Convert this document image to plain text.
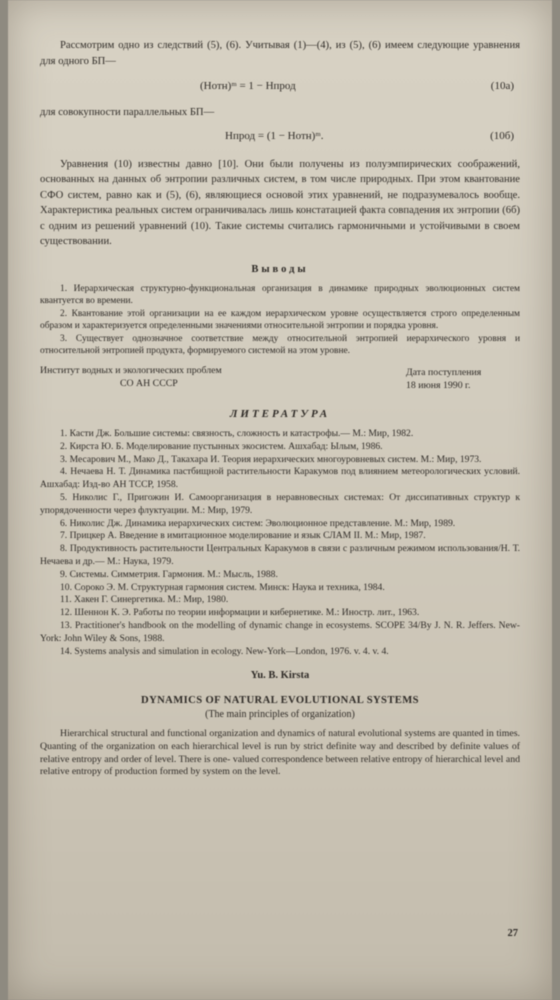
Рассмотрим одно из следствий (5), (6). Учитывая (1)—(4), из (5), (6) имеем следующие уравнения для одного БП—

(Hотн)ᵐ = 1 − Hпрод	(10а)

для совокупности параллельных БП—

Hпрод = (1 − Hотн)ᵐ.	(10б)

Уравнения (10) известны давно [10]. Они были получены из полуэмпирических соображений, основанных на данных об энтропии различных систем, в том числе природных. При этом квантование СФО систем, равно как и (5), (6), являющиеся основой этих уравнений, не подразумевалось вообще. Характеристика реальных систем ограничивалась лишь констатацией факта совпадения их энтропии (6б) с одним из решений уравнений (10). Такие системы считались гармоничными и устойчивыми в своем существовании.

Выводы

1. Иерархическая структурно-функциональная организация в динамике природных эволюционных систем квантуется во времени.

2. Квантование этой организации на ее каждом иерархическом уровне осуществляется строго определенным образом и характеризуется определенными значениями относительной энтропии и порядка уровня.

3. Существует однозначное соответствие между относительной энтропией иерархического уровня и относительной энтропией продукта, формируемого системой на этом уровне.

Институт водных и экологических проблем
СО АН СССР
Дата поступления
18 июня 1990 г.
ЛИТЕРАТУРА

1. Касти Дж. Большие системы: связность, сложность и катастрофы.— М.: Мир, 1982.

2. Кирста Ю. Б. Моделирование пустынных экосистем. Ашхабад: Ылым, 1986.

3. Месарович М., Мако Д., Такахара И. Теория иерархических многоуровневых систем. М.: Мир, 1973.

4. Нечаева Н. Т. Динамика пастбищной растительности Каракумов под влиянием метеорологических условий. Ашхабад: Изд-во АН ТССР, 1958.

5. Николис Г., Пригожин И. Самоорганизация в неравновесных системах: От диссипативных структур к упорядоченности через флуктуации. М.: Мир, 1979.

6. Николис Дж. Динамика иерархических систем: Эволюционное представление. М.: Мир, 1989.

7. Прицкер А. Введение в имитационное моделирование и язык СЛАМ II. М.: Мир, 1987.

8. Продуктивность растительности Центральных Каракумов в связи с различным режимом использования/Н. Т. Нечаева и др.— М.: Наука, 1979.

9. Системы. Симметрия. Гармония. М.: Мысль, 1988.

10. Сороко Э. М. Структурная гармония систем. Минск: Наука и техника, 1984.

11. Хакен Г. Синергетика. М.: Мир, 1980.

12. Шеннон К. Э. Работы по теории информации и кибернетике. М.: Иностр. лит., 1963.

13. Practitioner's handbook on the modelling of dynamic change in ecosystems. SCOPE 34/By J. N. R. Jeffers. New-York: John Wiley & Sons, 1988.

14. Systems analysis and simulation in ecology. New-York—London, 1976. v. 4. v. 4.

Yu. B. Kirsta
DYNAMICS OF NATURAL EVOLUTIONAL SYSTEMS
(The main principles of organization)

Hierarchical structural and functional organization and dynamics of natural evolutional systems are quanted in times. Quanting of the organization on each hierarchical level is run by strict definite way and described by definite values of relative entropy and order of level. There is one- valued correspondence between relative entropy of hierarchical level and relative entropy of production formed by system on the level.

27
